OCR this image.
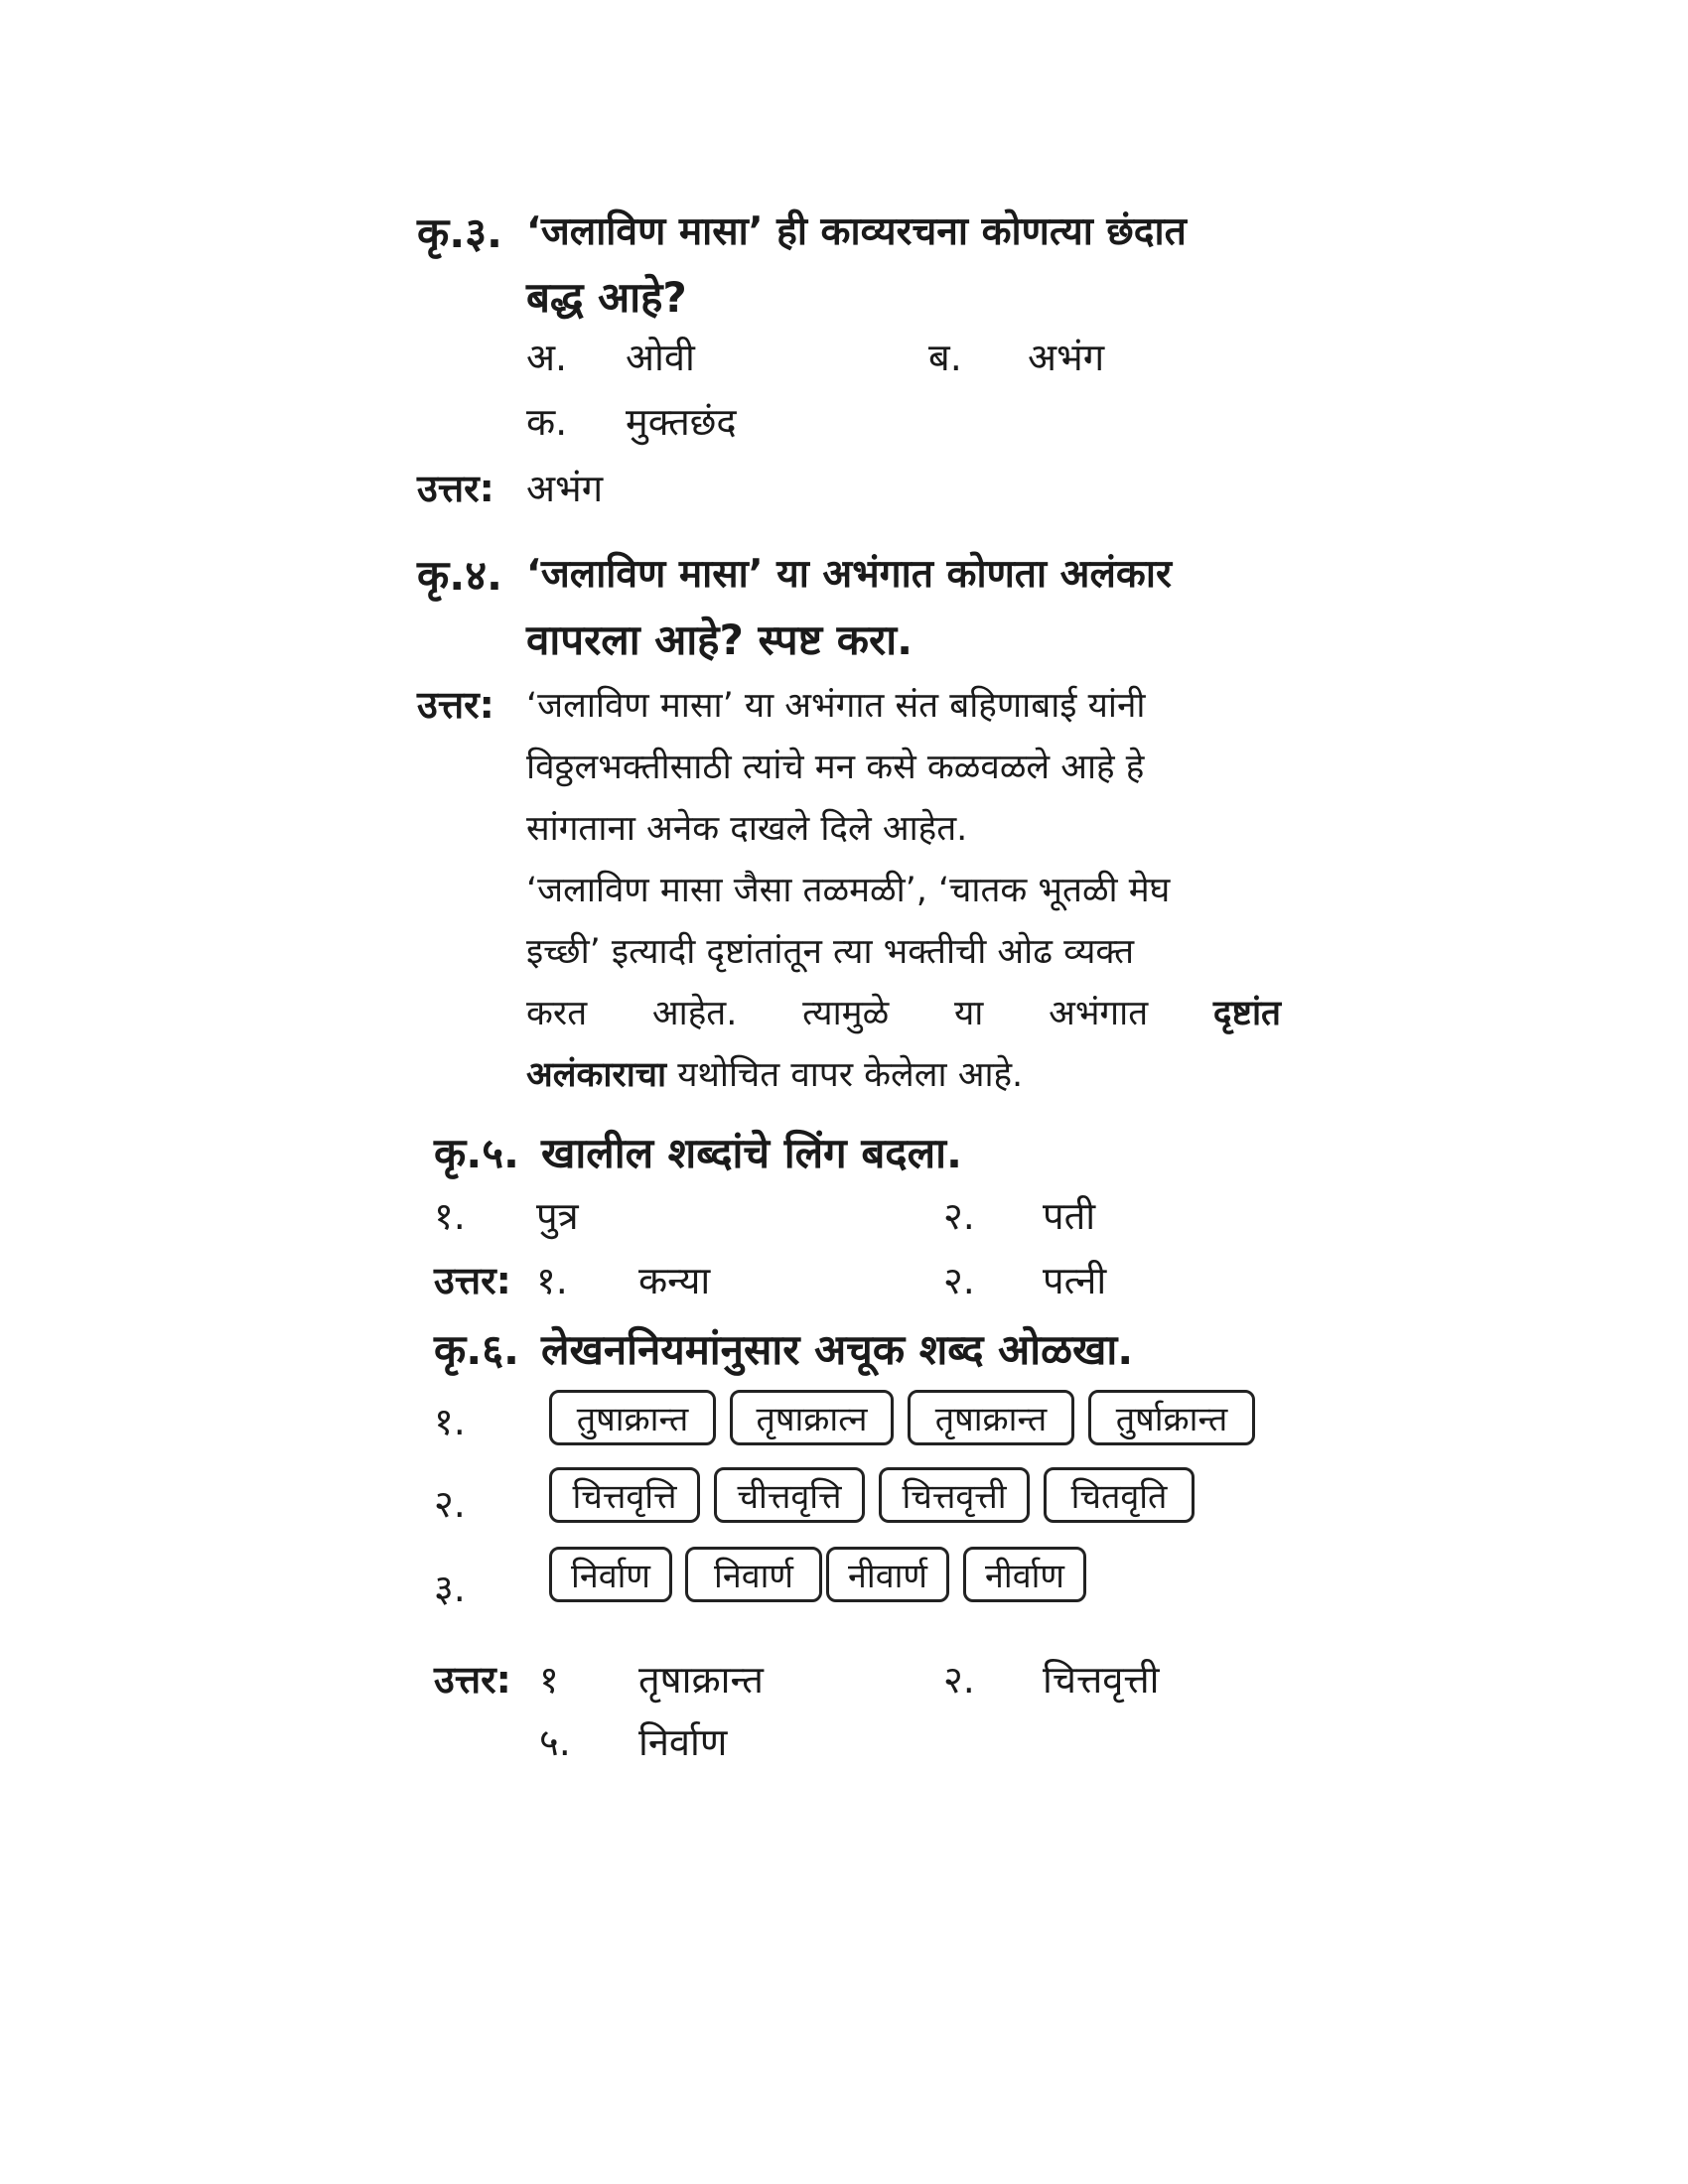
कृ.३. ‘जलाविण मासा’ ही काव्यरचना कोणत्या छंदात
बद्ध आहे?
अ. ओवी	ब. अभंग
क. मुक्तछंद
उत्तर: अभंग
कृ.४. ‘जलाविण मासा’ या अभंगात कोणता अलंकार
वापरला आहे? स्पष्ट करा.
उत्तर: ‘जलाविण मासा’ या अभंगात संत बहिणाबाई यांनी
विठ्ठलभक्तीसाठी त्यांचे मन कसे कळवळले आहे हे
सांगताना अनेक दाखले दिले आहेत.
‘जलाविण मासा जैसा तळमळी’, ‘चातक भूतळी मेघ
इच्छी’ इत्यादी दृष्टांतांतून त्या भक्तीची ओढ व्यक्त
करत आहेत. त्यामुळे या अभंगात दृष्टांत
अलंकाराचा यथोचित वापर केलेला आहे.
कृ.५. खालील शब्दांचे लिंग बदला.
१. पुत्र	२. पती
उत्तर: १. कन्या	२. पत्नी
कृ.६. लेखननियमांनुसार अचूक शब्द ओळखा.
१.	तुषाक्रान्त	तृषाक्रात्न	तृषाक्रान्त	तुर्षाक्रान्त
२.	चित्तवृत्ति	चीत्तवृत्ति	चित्तवृत्ती	चितवृति
३.	निर्वाण	निवार्ण	नीवार्ण	नीर्वाण
उत्तर: १ तृषाक्रान्त	२. चित्तवृत्ती
५. निर्वाण
